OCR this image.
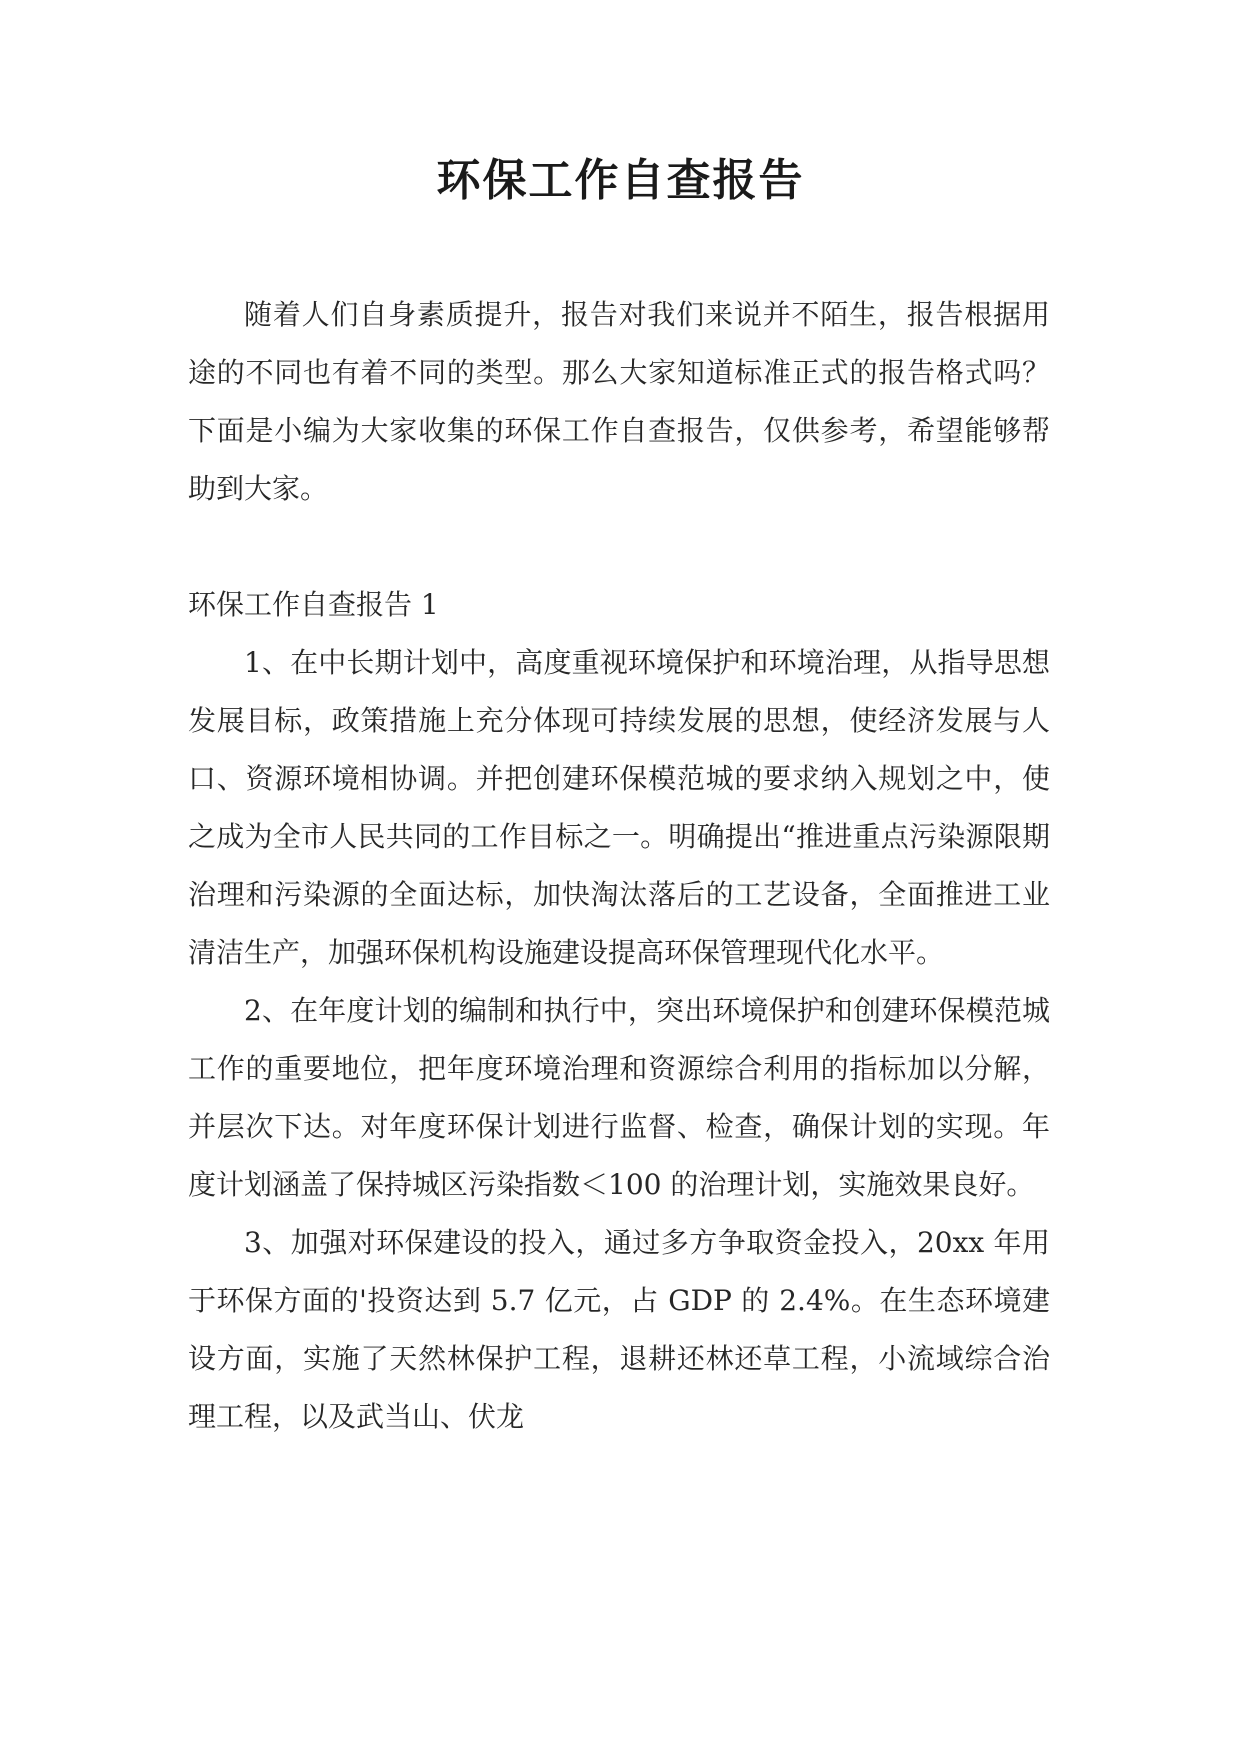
环保工作自查报告

随着人们自身素质提升，报告对我们来说并不陌生，报告根据用途的不同也有着不同的类型。那么大家知道标准正式的报告格式吗？下面是小编为大家收集的环保工作自查报告，仅供参考，希望能够帮助到大家。

环保工作自查报告 1

1、在中长期计划中，高度重视环境保护和环境治理，从指导思想发展目标，政策措施上充分体现可持续发展的思想，使经济发展与人口、资源环境相协调。并把创建环保模范城的要求纳入规划之中，使之成为全市人民共同的工作目标之一。明确提出“推进重点污染源限期治理和污染源的全面达标，加快淘汰落后的工艺设备，全面推进工业清洁生产，加强环保机构设施建设提高环保管理现代化水平。

2、在年度计划的编制和执行中，突出环境保护和创建环保模范城工作的重要地位，把年度环境治理和资源综合利用的指标加以分解，并层次下达。对年度环保计划进行监督、检查，确保计划的实现。年度计划涵盖了保持城区污染指数＜100 的治理计划，实施效果良好。

3、加强对环保建设的投入，通过多方争取资金投入，20xx 年用于环保方面的'投资达到 5.7 亿元，占 GDP 的 2.4%。在生态环境建设方面，实施了天然林保护工程，退耕还林还草工程，小流域综合治理工程，以及武当山、伏龙
